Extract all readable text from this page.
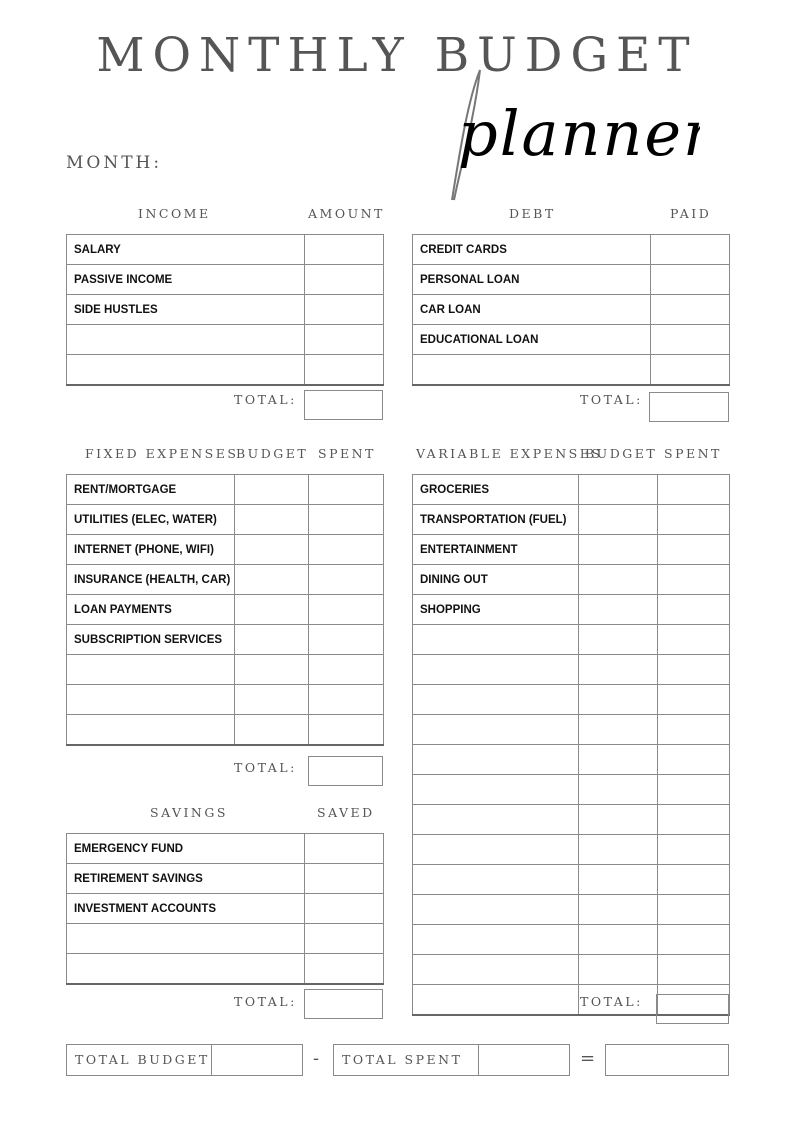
MONTHLY BUDGET
planner
MONTH:
INCOME	AMOUNT
SALARY	
PASSIVE INCOME	
SIDE HUSTLES	

TOTAL:
DEBT	PAID
CREDIT CARDS	
PERSONAL LOAN	
CAR LOAN	
EDUCATIONAL LOAN	

TOTAL:
FIXED EXPENSES
BUDGET SPENT
RENT/MORTGAGE		
UTILITIES (ELEC, WATER)		
INTERNET (PHONE, WIFI)		
INSURANCE (HEALTH, CAR)		
LOAN PAYMENTS		
SUBSCRIPTION SERVICES		

TOTAL:
VARIABLE EXPENSES
BUDGET SPENT
GROCERIES		
TRANSPORTATION (FUEL)		
ENTERTAINMENT		
DINING OUT		
SHOPPING		

TOTAL:
SAVINGS	SAVED
EMERGENCY FUND	
RETIREMENT SAVINGS	
INVESTMENT ACCOUNTS	

TOTAL:
TOTAL BUDGET	-	TOTAL SPENT	=
